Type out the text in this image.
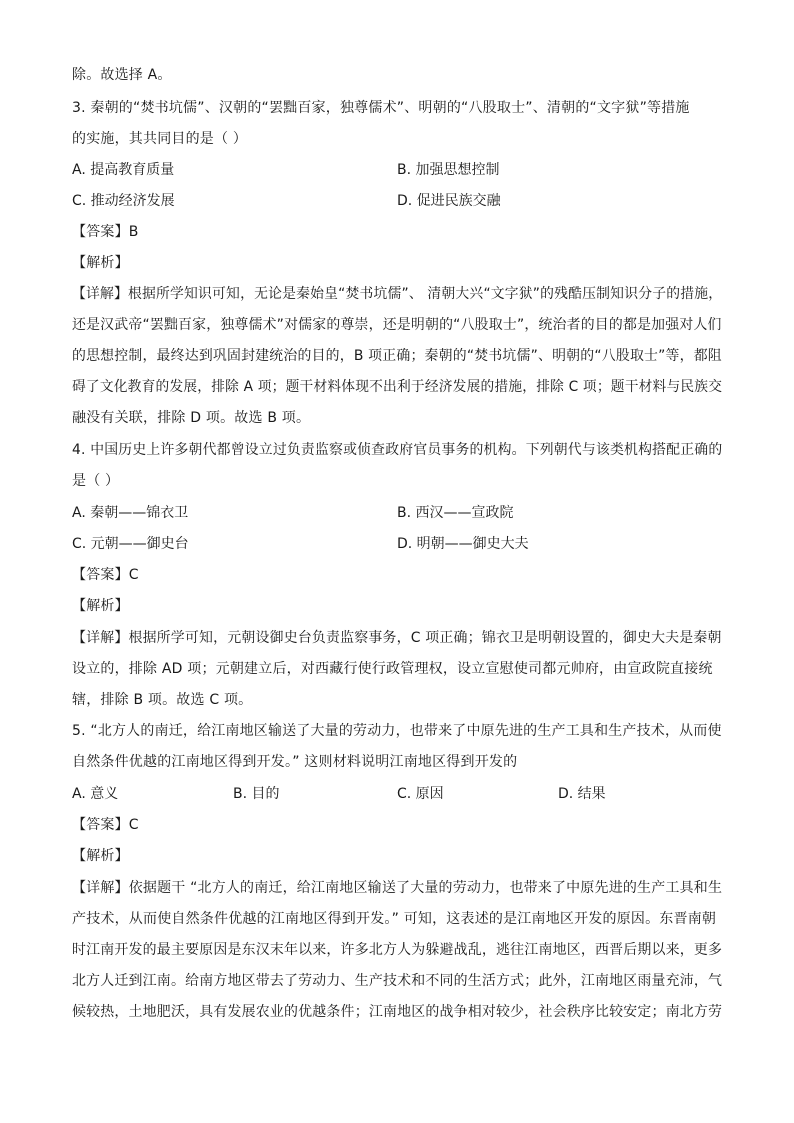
除。故选择 A。
3. 秦朝的“焚书坑儒”、汉朝的“罢黜百家，独尊儒术”、明朝的“八股取士”、清朝的“文字狱”等措施
的实施，其共同目的是（ ）
A. 提高教育质量	B. 加强思想控制
C. 推动经济发展	D. 促进民族交融
【答案】B
【解析】
【详解】根据所学知识可知，无论是秦始皇“焚书坑儒”、 清朝大兴“文字狱”的残酷压制知识分子的措施，
还是汉武帝“罢黜百家，独尊儒术”对儒家的尊崇，还是明朝的“八股取士”，统治者的目的都是加强对人们
的思想控制，最终达到巩固封建统治的目的，B 项正确；秦朝的“焚书坑儒”、明朝的“八股取士”等，都阻
碍了文化教育的发展，排除 A 项；题干材料体现不出利于经济发展的措施，排除 C 项；题干材料与民族交
融没有关联，排除 D 项。故选 B 项。
4. 中国历史上许多朝代都曾设立过负责监察或侦查政府官员事务的机构。下列朝代与该类机构搭配正确的
是（ ）
A. 秦朝——锦衣卫	B. 西汉——宣政院
C. 元朝——御史台	D. 明朝——御史大夫
【答案】C
【解析】
【详解】根据所学可知，元朝设御史台负责监察事务，C 项正确；锦衣卫是明朝设置的，御史大夫是秦朝
设立的，排除 AD 项；元朝建立后，对西藏行使行政管理权，设立宣慰使司都元帅府，由宣政院直接统
辖，排除 B 项。故选 C 项。
5. “北方人的南迁，给江南地区输送了大量的劳动力，也带来了中原先进的生产工具和生产技术，从而使
自然条件优越的江南地区得到开发。” 这则材料说明江南地区得到开发的
A. 意义	B. 目的	C. 原因	D. 结果
【答案】C
【解析】
【详解】依据题干 “北方人的南迁，给江南地区输送了大量的劳动力，也带来了中原先进的生产工具和生
产技术，从而使自然条件优越的江南地区得到开发。” 可知，这表述的是江南地区开发的原因。东晋南朝
时江南开发的最主要原因是东汉末年以来，许多北方人为躲避战乱，逃往江南地区，西晋后期以来，更多
北方人迁到江南。给南方地区带去了劳动力、生产技术和不同的生活方式；此外，江南地区雨量充沛，气
候较热，土地肥沃，具有发展农业的优越条件；江南地区的战争相对较少，社会秩序比较安定；南北方劳
